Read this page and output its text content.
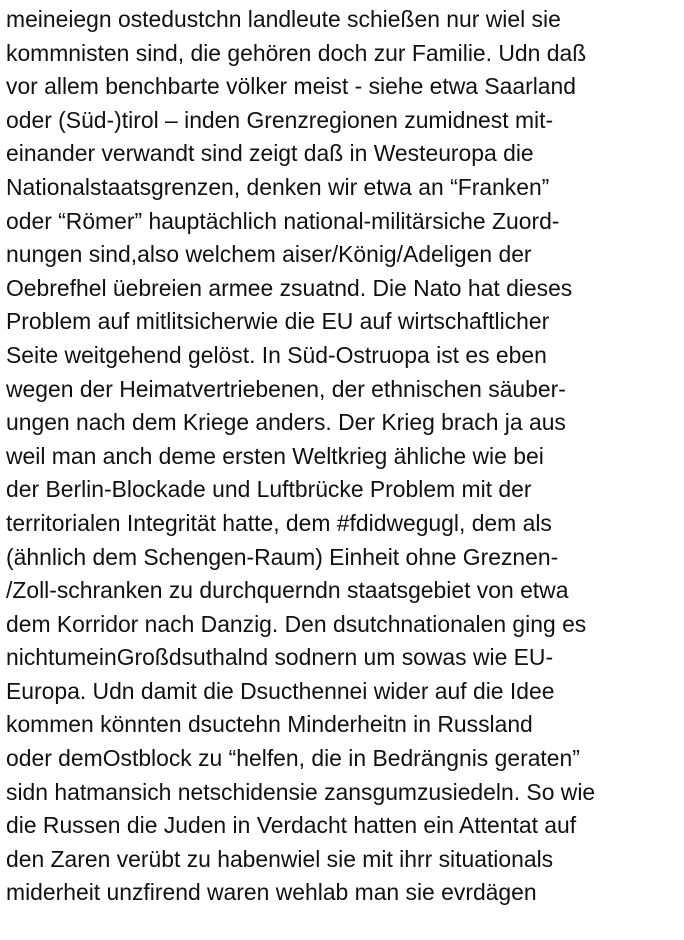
meineiegn ostedustchn landleute schießen nur wiel sie
kommnisten sind, die gehören doch zur Familie. Udn daß
vor allem benchbarte völker meist - siehe etwa Saarland
oder (Süd-)tirol – inden Grenzregionen zumidnest mit-
einander verwandt sind zeigt daß in Westeuropa die
Nationalstaatsgrenzen, denken wir etwa an “Franken”
oder “Römer” hauptächlich national-militärsiche Zuord-
nungen sind,also welchem aiser/König/Adeligen der
Oebrefhel üebreien armee zsuatnd. Die Nato hat dieses
Problem auf mitlitsicherwie die EU auf wirtschaftlicher
Seite weitgehend gelöst. In Süd-Ostruopa ist es eben
wegen der Heimatvertriebenen, der ethnischen säuber-
ungen nach dem Kriege anders. Der Krieg brach ja aus
weil man anch deme ersten Weltkrieg ähliche wie bei
der Berlin-Blockade und Luftbrücke Problem mit der
territorialen Integrität hatte, dem #fdidwegugl, dem als
(ähnlich dem Schengen-Raum) Einheit ohne Greznen-
/Zoll-schranken zu durchquerndn staatsgebiet von etwa
dem Korridor nach Danzig. Den dsutchnationalen ging es
nichtumeinGroßdsuthalnd sodnern um sowas wie EU-
Europa. Udn damit die Dsucthennei wider auf die Idee
kommen könnten dsuctehn Minderheitn in Russland
oder demOstblock zu “helfen, die in Bedrängnis geraten”
sidn hatmansich netschidensie zansgumzusiedeln. So wie
die Russen die Juden in Verdacht hatten ein Attentat auf
den Zaren verübt zu habenwiel sie mit ihrr situationals
miderheit unzfirend waren wehlab man sie evrdägen
